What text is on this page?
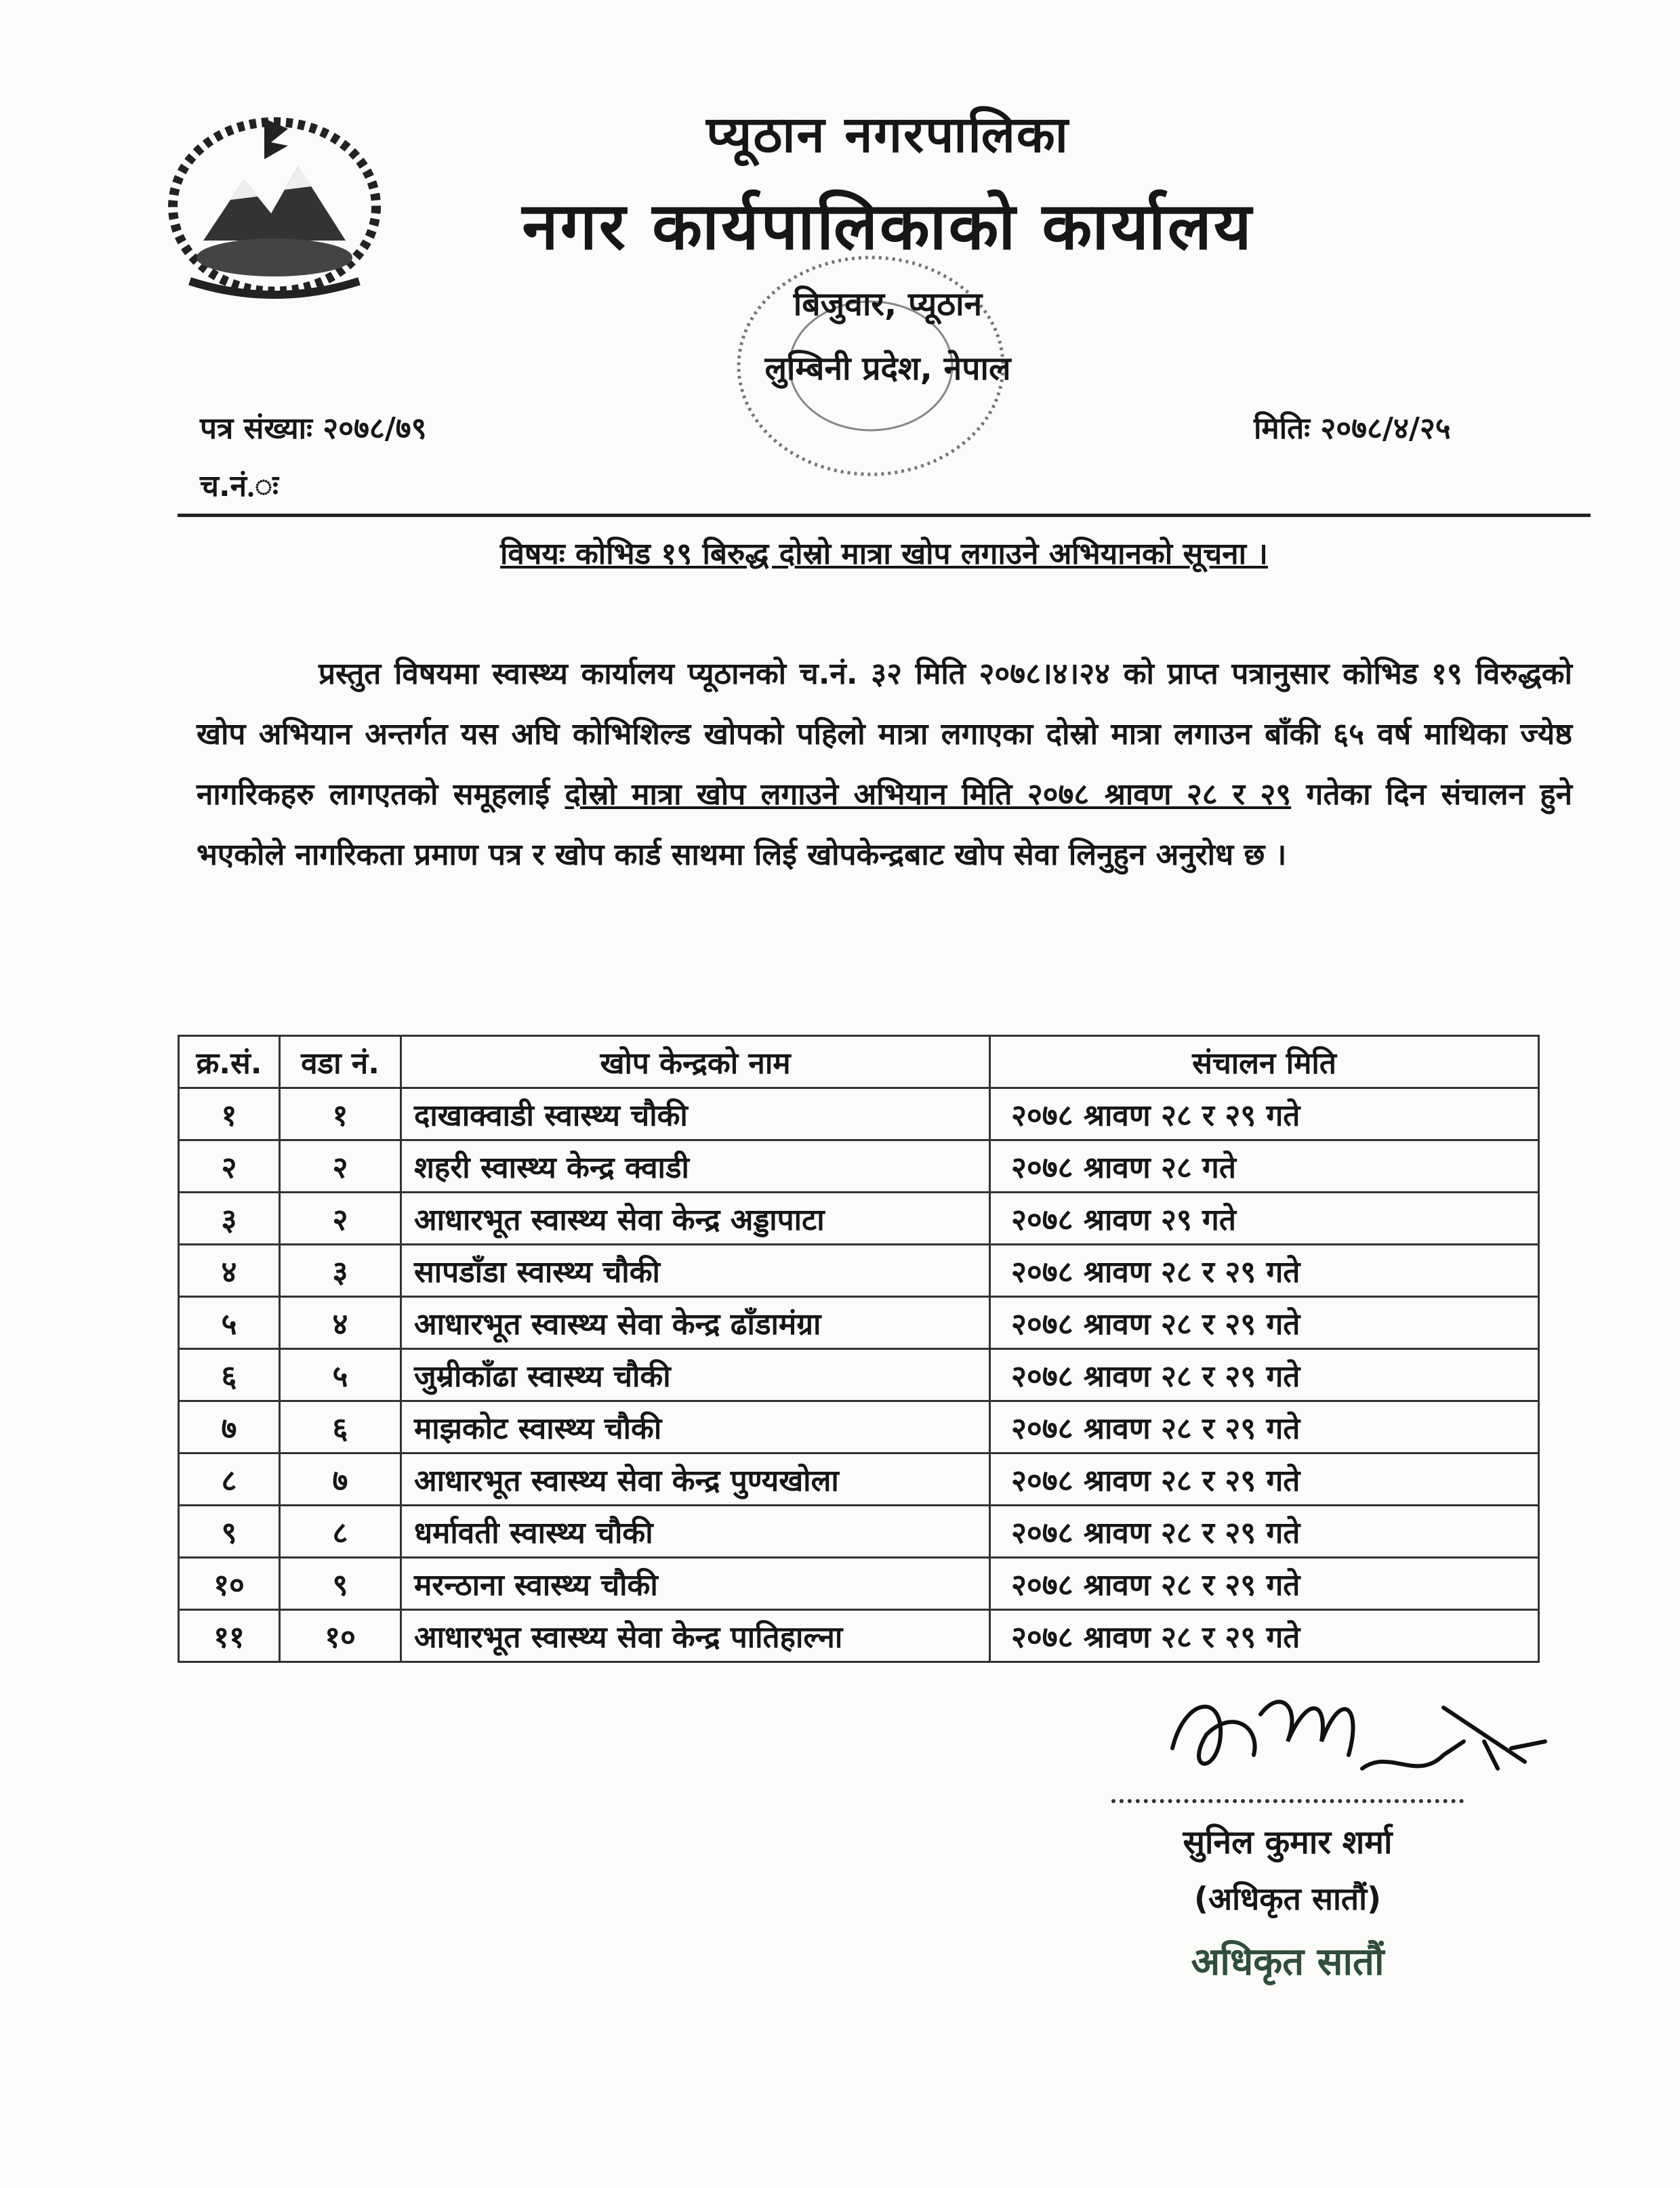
प्यूठान नगरपालिका
नगर कार्यपालिकाको कार्यालय
बिजुवार, प्यूठान
लुम्बिनी प्रदेश, नेपाल
पत्र संख्याः २०७८/७९	मितिः २०७८/४/२५
च.नं.ः
विषयः कोभिड १९ बिरुद्ध दोस्रो मात्रा खोप लगाउने अभियानको सूचना ।
प्रस्तुत विषयमा स्वास्थ्य कार्यालय प्यूठानको च.नं. ३२ मिति २०७८।४।२४ को प्राप्त पत्रानुसार कोभिड १९ विरुद्धको खोप अभियान अन्तर्गत यस अघि कोभिशिल्ड खोपको पहिलो मात्रा लगाएका दोस्रो मात्रा लगाउन बाँकी ६५ वर्ष माथिका ज्येष्ठ नागरिकहरु लागएतको समूहलाई दोस्रो मात्रा खोप लगाउने अभियान मिति २०७८ श्रावण २८ र २९ गतेका दिन संचालन हुने भएकोले नागरिकता प्रमाण पत्र र खोप कार्ड साथमा लिई खोपकेन्द्रबाट खोप सेवा लिनुहुन अनुरोध छ ।
क्र.सं.	वडा नं.	खोप केन्द्रको नाम	संचालन मिति
१	१	दाखाक्वाडी स्वास्थ्य चौकी	२०७८ श्रावण २८ र २९ गते
२	२	शहरी स्वास्थ्य केन्द्र क्वाडी	२०७८ श्रावण २८ गते
३	२	आधारभूत स्वास्थ्य सेवा केन्द्र अड्डापाटा	२०७८ श्रावण २९ गते
४	३	सापडाँडा स्वास्थ्य चौकी	२०७८ श्रावण २८ र २९ गते
५	४	आधारभूत स्वास्थ्य सेवा केन्द्र ढाँडामंग्रा	२०७८ श्रावण २८ र २९ गते
६	५	जुम्रीकाँढा स्वास्थ्य चौकी	२०७८ श्रावण २८ र २९ गते
७	६	माझकोट स्वास्थ्य चौकी	२०७८ श्रावण २८ र २९ गते
८	७	आधारभूत स्वास्थ्य सेवा केन्द्र पुण्यखोला	२०७८ श्रावण २८ र २९ गते
९	८	धर्मावती स्वास्थ्य चौकी	२०७८ श्रावण २८ र २९ गते
१०	९	मरन्ठाना स्वास्थ्य चौकी	२०७८ श्रावण २८ र २९ गते
११	१०	आधारभूत स्वास्थ्य सेवा केन्द्र पातिहाल्ना	२०७८ श्रावण २८ र २९ गते
सुनिल कुमार शर्मा
(अधिकृत सातौं)
अधिकृत सातौं
